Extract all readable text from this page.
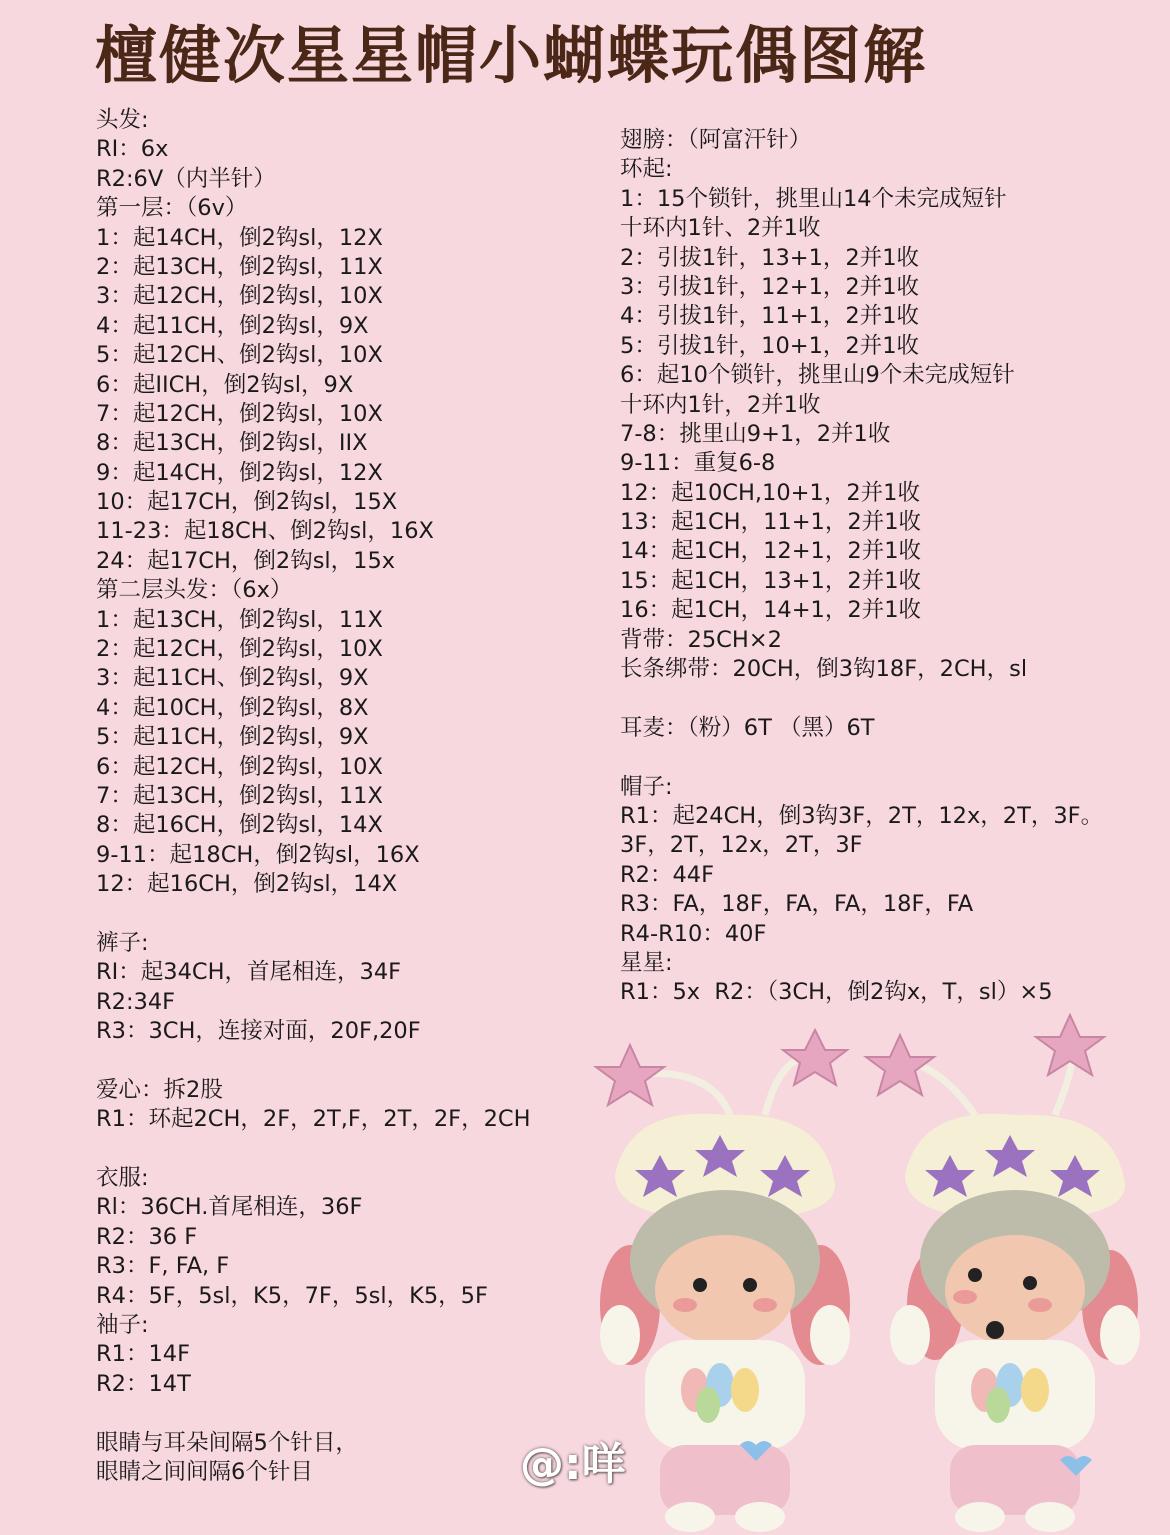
檀健次星星帽小蝴蝶玩偶图解
头发:
RI：6x
R2:6V（内半针）
第一层：（6v）
1：起14CH，倒2钩sl，12X
2：起13CH，倒2钩sl，11X
3：起12CH，倒2钩sl，10X
4：起11CH，倒2钩sl，9X
5：起12CH、倒2钩sl，10X
6：起IICH，倒2钩sl，9X
7：起12CH，倒2钩sl，10X
8：起13CH，倒2钩sl，IIX
9：起14CH，倒2钩sl，12X
10：起17CH，倒2钩sl，15X
11-23：起18CH、倒2钩sl，16X
24：起17CH，倒2钩sl，15x
第二层头发：（6x）
1：起13CH，倒2钩sl，11X
2：起12CH，倒2钩sl，10X
3：起11CH、倒2钩sl，9X
4：起10CH，倒2钩sl，8X
5：起11CH，倒2钩sl，9X
6：起12CH，倒2钩sl，10X
7：起13CH，倒2钩sl，11X
8：起16CH，倒2钩sl，14X
9-11：起18CH，倒2钩sl，16X
12：起16CH，倒2钩sl，14X
裤子:
RI：起34CH，首尾相连，34F
R2:34F
R3：3CH，连接对面，20F,20F
爱心：拆2股
R1：环起2CH，2F，2T,F，2T，2F，2CH
衣服:
Rl：36CH.首尾相连，36F
R2：36 F
R3：F, FA, F
R4：5F，5sl，K5，7F，5sl，K5，5F
袖子:
R1：14F
R2：14T
眼睛与耳朵间隔5个针目，
眼睛之间间隔6个针目
翅膀：（阿富汗针）
环起:
1：15个锁针，挑里山14个未完成短针
十环内1针、2并1收
2：引拔1针，13+1，2并1收
3：引拔1针，12+1，2并1收
4：引拔1针，11+1，2并1收
5：引拔1针，10+1，2并1收
6：起10个锁针，挑里山9个未完成短针
十环内1针，2并1收
7-8：挑里山9+1，2并1收
9-11：重复6-8
12：起10CH,10+1，2并1收
13：起1CH，11+1，2并1收
14：起1CH，12+1，2并1收
15：起1CH，13+1，2并1收
16：起1CH，14+1，2并1收
背带：25CH×2
长条绑带：20CH，倒3钩18F，2CH，sl
耳麦：（粉）6T （黑）6T
帽子:
R1：起24CH，倒3钩3F，2T，12x，2T，3F。
3F，2T，12x，2T，3F
R2：44F
R3：FA，18F，FA，FA，18F，FA
R4-R10：40F
星星:
R1：5x  R2：（3CH，倒2钩x，T，sl）×5
@:咩
